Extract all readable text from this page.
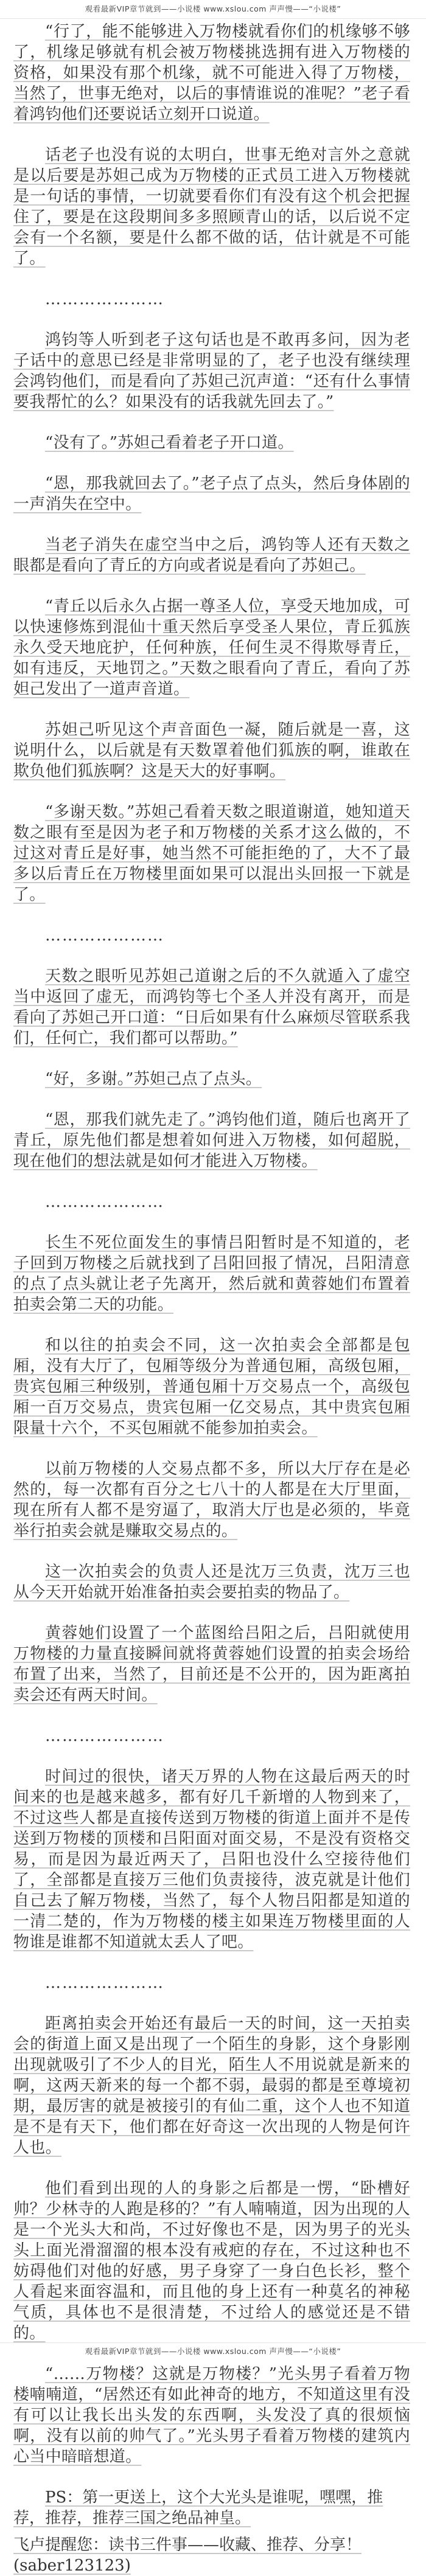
观看最新VIP章节就到——小说楼 www.xslou.com 声声慢——“小说楼”

“行了，能不能够进入万物楼就看你们的机缘够不够了，机缘足够就有机会被万物楼挑选拥有进入万物楼的资格，如果没有那个机缘，就不可能进入得了万物楼，当然了，世事无绝对，以后的事情谁说的准呢？”老子看着鸿钧他们还要说话立刻开口说道。

话老子也没有说的太明白，世事无绝对言外之意就是以后要是苏妲己成为万物楼的正式员工进入万物楼就是一句话的事情，一切就要看你们有没有这个机会把握住了，要是在这段期间多多照顾青山的话，以后说不定会有一个名额，要是什么都不做的话，估计就是不可能了。

…………………

鸿钧等人听到老子这句话也是不敢再多问，因为老子话中的意思已经是非常明显的了，老子也没有继续理会鸿钧他们，而是看向了苏妲己沉声道：“还有什么事情要我帮忙的么？如果没有的话我就先回去了。”

“没有了。”苏妲己看着老子开口道。

“恩，那我就回去了。”老子点了点头，然后身体剧的一声消失在空中。

当老子消失在虚空当中之后，鸿钧等人还有天数之眼都是看向了青丘的方向或者说是看向了苏妲己。

“青丘以后永久占据一尊圣人位，享受天地加成，可以快速修炼到混仙十重天然后享受圣人果位，青丘狐族永久受天地庇护，任何种族，任何生灵不得欺辱青丘，如有违反，天地罚之。”天数之眼看向了青丘，看向了苏妲己发出了一道声音道。

苏妲己听见这个声音面色一凝，随后就是一喜，这说明什么，以后就是有天数罩着他们狐族的啊，谁敢在欺负他们狐族啊？这是天大的好事啊。

“多谢天数。”苏妲己看着天数之眼道谢道，她知道天数之眼有至是因为老子和万物楼的关系才这么做的，不过这对青丘是好事，她当然不可能拒绝的了，大不了最多以后青丘在万物楼里面如果可以混出头回报一下就是了。

…………………

天数之眼听见苏妲己道谢之后的不久就遁入了虚空当中返回了虚无，而鸿钧等七个圣人并没有离开，而是看向了苏妲己开口道：“日后如果有什么麻烦尽管联系我们，任何亡，我们都可以帮助。”

“好，多谢。”苏妲己点了点头。

“恩，那我们就先走了。”鸿钧他们道，随后也离开了青丘，原先他们都是想着如何进入万物楼，如何超脱，现在他们的想法就是如何才能进入万物楼。

…………………

长生不死位面发生的事情吕阳暂时是不知道的，老子回到万物楼之后就找到了吕阳回报了情况，吕阳清意的点了点头就让老子先离开，然后就和黄蓉她们布置着拍卖会第二天的功能。

和以往的拍卖会不同，这一次拍卖会全部都是包厢，没有大厅了，包厢等级分为普通包厢，高级包厢，贵宾包厢三种级别，普通包厢十万交易点一个，高级包厢一百万交易点，贵宾包厢一亿交易点，其中贵宾包厢限量十六个，不买包厢就不能参加拍卖会。

以前万物楼的人交易点都不多，所以大厅存在是必然的，每一次都有百分之七八十的人都是在大厅里面，现在所有人都不是穷逼了，取消大厅也是必须的，毕竟举行拍卖会就是赚取交易点的。

这一次拍卖会的负责人还是沈万三负责，沈万三也从今天开始就开始准备拍卖会要拍卖的物品了。

黄蓉她们设置了一个蓝图给吕阳之后，吕阳就使用万物楼的力量直接瞬间就将黄蓉她们设置的拍卖会场给布置了出来，当然了，目前还是不公开的，因为距离拍卖会还有两天时间。

…………………

时间过的很快，诸天万界的人物在这最后两天的时间来的也是越来越多，都有好几千新增的人物到来了，不过这些人都是直接传送到万物楼的街道上面并不是传送到万物楼的顶楼和吕阳面对面交易，不是没有资格交易，而是因为最近两天了，吕阳也没什么空接待他们了，全部都是直接万三他们负责接待，波克就是计他们自己去了解万物楼，当然了，每个人物吕阳都是知道的一清二楚的，作为万物楼的楼主如果连万物楼里面的人物谁是谁都不知道就太丢人了吧。

…………………

距离拍卖会开始还有最后一天的时间，这一天拍卖会的街道上面又是出现了一个陌生的身影，这个身影刚出现就吸引了不少人的目光，陌生人不用说就是新来的啊，这两天新来的每一个都不弱，最弱的都是至尊境初期，最厉害的就是被接引的有仙二重，这个人也不知道是不是有天下，他们都在好奇这一次出现的人物是何许人也。

他们看到出现的人的身影之后都是一愣，“卧槽好帅？少林寺的人跑是移的？”有人喃喃道，因为出现的人是一个光头大和尚，不过好像也不是，因为男子的光头头上面光滑溜溜的根本没有戒疤的存在，不过这种也不妨碍他们对他的好感，男子身穿了一身白色长衫，整个人看起来面容温和，而且他的身上还有一种莫名的神秘气质，具体也不是很清楚，不过给人的感觉还是不错的。

“……万物楼？这就是万物楼？”光头男子看着万物楼喃喃道，“居然还有如此神奇的地方，不知道这里有没有可以让我长出头发的东西啊，头发没了真的很烦恼啊，没有以前的帅气了。”光头男子看着万物楼的建筑内心当中暗暗想道。

PS：第一更送上，这个大光头是谁呢，嘿嘿，推荐，推荐，推荐三国之绝品神皇。

飞卢提醒您：读书三件事——收藏、推荐、分享！(saber123123)

观看最新VIP章节就到——小说楼 www.xslou.com 声声慢——“小说楼”
